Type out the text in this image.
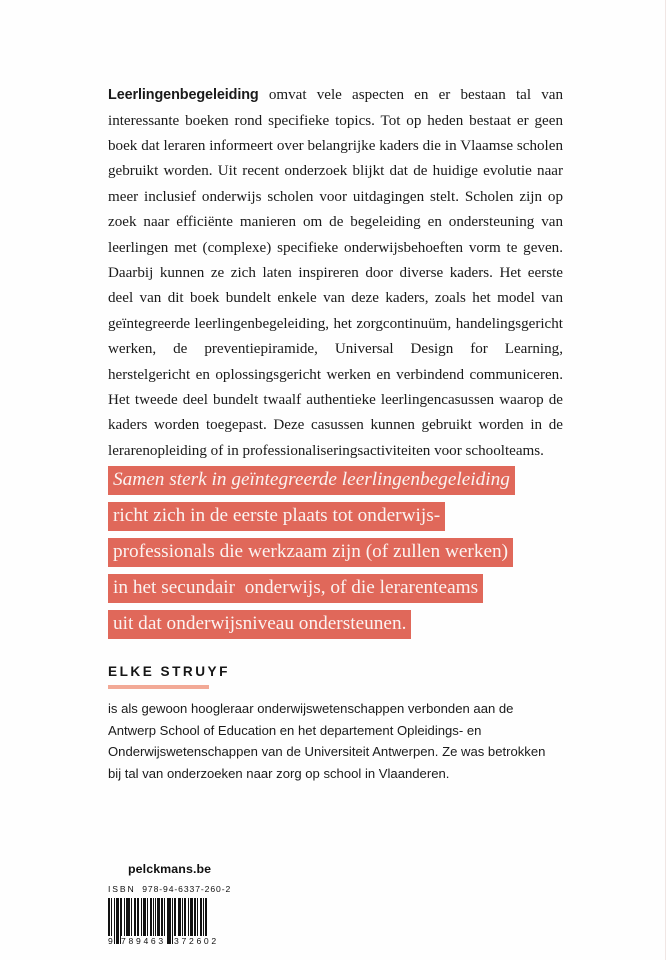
Leerlingenbegeleiding omvat vele aspecten en er bestaan tal van interessante boeken rond specifieke topics. Tot op heden bestaat er geen boek dat leraren informeert over belangrijke kaders die in Vlaamse scholen gebruikt worden. Uit recent onderzoek blijkt dat de huidige evolutie naar meer inclusief onderwijs scholen voor uitdagingen stelt. Scholen zijn op zoek naar efficiënte manieren om de begeleiding en ondersteuning van leerlingen met (complexe) specifieke onderwijsbehoeften vorm te geven. Daarbij kunnen ze zich laten inspireren door diverse kaders. Het eerste deel van dit boek bundelt enkele van deze kaders, zoals het model van geïntegreerde leerlingenbegeleiding, het zorgcontinuüm, handelingsgericht werken, de preventiepiramide, Universal Design for Learning, herstelgericht en oplossingsgericht werken en verbindend communiceren. Het tweede deel bundelt twaalf authentieke leerlingencasussen waarop de kaders worden toegepast. Deze casussen kunnen gebruikt worden in de lerarenopleiding of in professionaliseringsactiviteiten voor schoolteams.

Samen sterk in geïntegreerde leerlingenbegeleiding
richt zich in de eerste plaats tot onderwijs-
professionals die werkzaam zijn (of zullen werken)
in het secundair  onderwijs, of die lerarenteams
uit dat onderwijsniveau ondersteunen.
ELKE STRUYF
is als gewoon hoogleraar onderwijswetenschappen verbonden aan de Antwerp School of Education en het departement Opleidings- en Onderwijswetenschappen van de Universiteit Antwerpen. Ze was betrokken bij tal van onderzoeken naar zorg op school in Vlaanderen.
pelckmans.be
ISBN 978-94-6337-260-2
9 789463 372602
